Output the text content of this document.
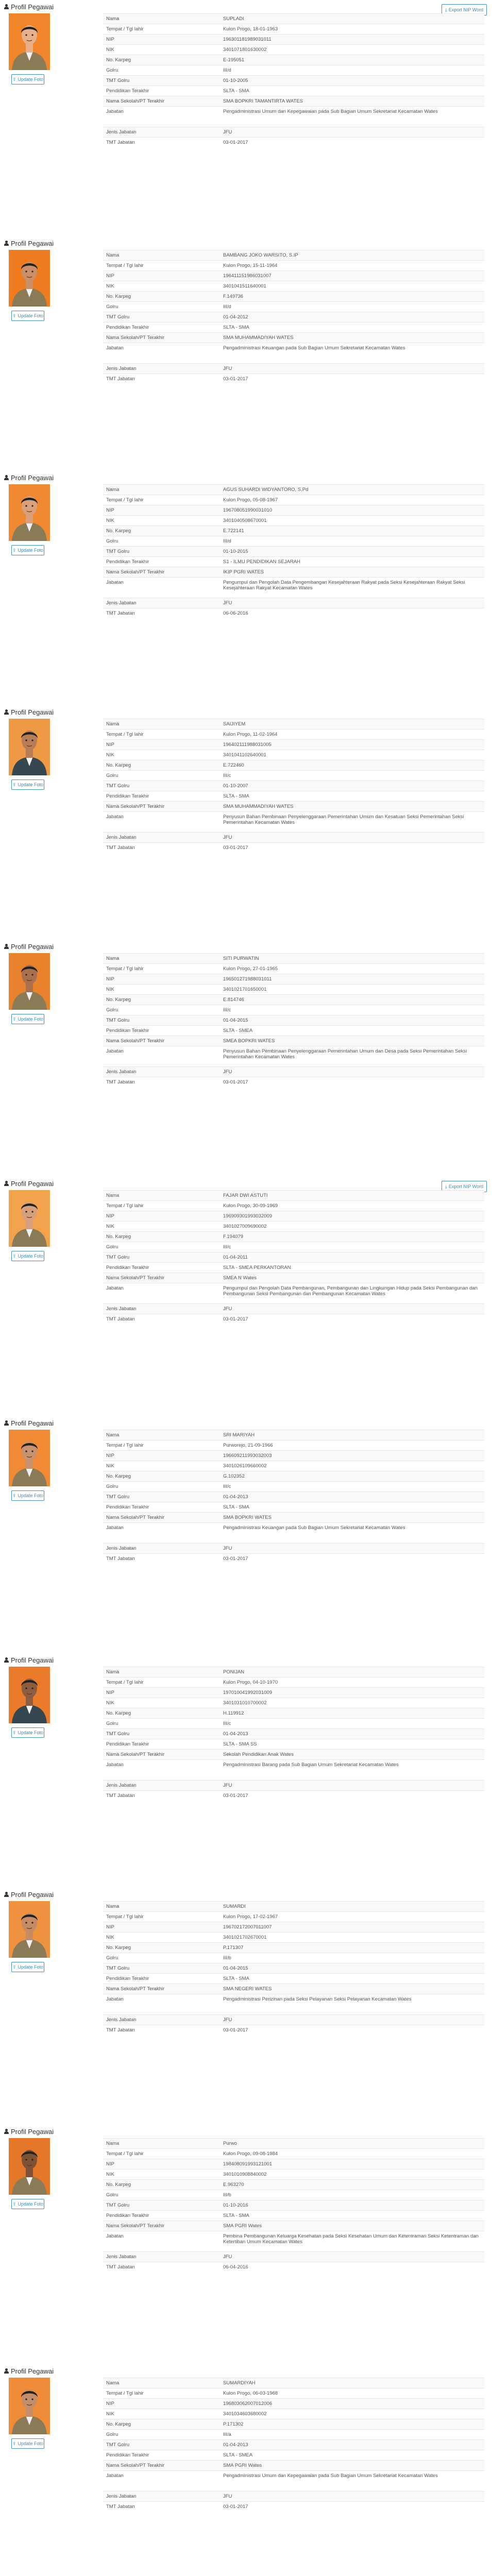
Profil Pegawai	⤓ Export NIP Word
⇪ Update Foto
Nama	SUPLADI
Tempat / Tgl lahir	Kulon Progo, 18-01-1963
NIP	196301181989031011
NIK	3401071801630002
No. Karpeg	E-195051
Golru	III/d
TMT Golru	01-10-2005
Pendidikan Terakhir	SLTA - SMA
Nama Sekolah/PT Terakhir	SMA BOPKRI TAMANTIRTA WATES
Jabatan	Pengadministrasi Umum dan Kepegawaian pada Sub Bagian Umum Sekretariat Kecamatan Wates
Jenis Jabatan	JFU
TMT Jabatan	03-01-2017
Profil Pegawai
⇪ Update Foto
Nama	BAMBANG JOKO WARSITO, S.IP
Tempat / Tgl lahir	Kulon Progo, 15-11-1964
NIP	196411151986031007
NIK	3401041511640001
No. Karpeg	F.149736
Golru	III/d
TMT Golru	01-04-2012
Pendidikan Terakhir	SLTA - SMA
Nama Sekolah/PT Terakhir	SMA MUHAMMADIYAH WATES
Jabatan	Pengadministrasi Keuangan pada Sub Bagian Umum Sekretariat Kecamatan Wates
Jenis Jabatan	JFU
TMT Jabatan	03-01-2017
Profil Pegawai
⇪ Update Foto
Nama	AGUS SUHARDI WIDYANTORO, S.Pd
Tempat / Tgl lahir	Kulon Progo, 05-08-1967
NIP	196708051990031010
NIK	3401040508670001
No. Karpeg	E.722141
Golru	III/d
TMT Golru	01-10-2015
Pendidikan Terakhir	S1 - ILMU PENDIDIKAN SEJARAH
Nama Sekolah/PT Terakhir	IKIP PGRI WATES
Jabatan	Pengumpul dan Pengolah Data Pengembangan Kesejahteraan Rakyat pada Seksi Kesejahteraan Rakyat Seksi Kesejahteraan Rakyat Kecamatan Wates
Jenis Jabatan	JFU
TMT Jabatan	06-06-2016
Profil Pegawai
⇪ Update Foto
Nama	SAIJIYEM
Tempat / Tgl lahir	Kulon Progo, 11-02-1964
NIP	196402111988031005
NIK	3401041102640001
No. Karpeg	E.722460
Golru	III/c
TMT Golru	01-10-2007
Pendidikan Terakhir	SLTA - SMA
Nama Sekolah/PT Terakhir	SMA MUHAMMADIYAH WATES
Jabatan	Penyusun Bahan Pembinaan Penyelenggaraan Pemerintahan Umum dan Kesatuan Seksi Pemerintahan Seksi Pemerintahan Kecamatan Wates
Jenis Jabatan	JFU
TMT Jabatan	03-01-2017
Profil Pegawai
⇪ Update Foto
Nama	SITI PURWATIN
Tempat / Tgl lahir	Kulon Progo, 27-01-1965
NIP	196501271988031011
NIK	3401021701650001
No. Karpeg	E.814746
Golru	III/c
TMT Golru	01-04-2015
Pendidikan Terakhir	SLTA - SMEA
Nama Sekolah/PT Terakhir	SMEA BOPKRI WATES
Jabatan	Penyusun Bahan Pembinaan Penyelenggaraan Pemerintahan Umum dan Desa pada Seksi Pemerintahan Seksi Pemerintahan Kecamatan Wates
Jenis Jabatan	JFU
TMT Jabatan	03-01-2017
Profil Pegawai	⤓ Export NIP Word
⇪ Update Foto
Nama	FAJAR DWI ASTUTI
Tempat / Tgl lahir	Kulon Progo, 30-09-1969
NIP	196909301993032009
NIK	3401027009690002
No. Karpeg	F.194079
Golru	III/c
TMT Golru	01-04-2011
Pendidikan Terakhir	SLTA - SMEA PERKANTORAN
Nama Sekolah/PT Terakhir	SMEA N Wates
Jabatan	Pengumpul dan Pengolah Data Pembangunan, Pembangunan dan Lingkungan Hidup pada Seksi Pembangunan dan Pembangunan Seksi Pembangunan dan Pembangunan Kecamatan Wates
Jenis Jabatan	JFU
TMT Jabatan	03-01-2017
Profil Pegawai
⇪ Update Foto
Nama	SRI MARIYAH
Tempat / Tgl lahir	Purworejo, 21-09-1966
NIP	196609211993032003
NIK	3401026109660002
No. Karpeg	G.102352
Golru	III/c
TMT Golru	01-04-2013
Pendidikan Terakhir	SLTA - SMA
Nama Sekolah/PT Terakhir	SMA BOPKRI WATES
Jabatan	Pengadministrasi Keuangan pada Sub Bagian Umum Sekretariat Kecamatan Wates
Jenis Jabatan	JFU
TMT Jabatan	03-01-2017
Profil Pegawai
⇪ Update Foto
Nama	PONIJAN
Tempat / Tgl lahir	Kulon Progo, 04-10-1970
NIP	197010041992031009
NIK	3401031010700002
No. Karpeg	H.119912
Golru	III/c
TMT Golru	01-04-2013
Pendidikan Terakhir	SLTA - SMA SS
Nama Sekolah/PT Terakhir	Sekolah Pendidikan Anak Wates
Jabatan	Pengadministrasi Barang pada Sub Bagian Umum Sekretariat Kecamatan Wates
Jenis Jabatan	JFU
TMT Jabatan	03-01-2017
Profil Pegawai
⇪ Update Foto
Nama	SUMARDI
Tempat / Tgl lahir	Kulon Progo, 17-02-1967
NIP	196702172007011007
NIK	3401021702670001
No. Karpeg	P.171307
Golru	III/b
TMT Golru	01-04-2015
Pendidikan Terakhir	SLTA - SMA
Nama Sekolah/PT Terakhir	SMA NEGERI WATES
Jabatan	Pengadministrasi Perizinan pada Seksi Pelayanan Seksi Pelayanan Kecamatan Wates
Jenis Jabatan	JFU
TMT Jabatan	03-01-2017
Profil Pegawai
⇪ Update Foto
Nama	Purwo
Tempat / Tgl lahir	Kulon Progo, 09-08-1984
NIP	198408091993121001
NIK	3401010908840002
No. Karpeg	E.963270
Golru	III/b
TMT Golru	01-10-2016
Pendidikan Terakhir	SLTA - SMA
Nama Sekolah/PT Terakhir	SMA PGRI Wates
Jabatan	Pembina Pembangunan Keluarga Kesehatan pada Seksi Kesehatan Umum dan Ketentraman Seksi Ketentraman dan Ketertiban Umum Kecamatan Wates
Jenis Jabatan	JFU
TMT Jabatan	06-04-2016
Profil Pegawai
⇪ Update Foto
Nama	SUMARDIYAH
Tempat / Tgl lahir	Kulon Progo, 06-03-1968
NIP	196803062007012006
NIK	3401034603680002
No. Karpeg	P.171302
Golru	III/a
TMT Golru	01-04-2013
Pendidikan Terakhir	SLTA - SMEA
Nama Sekolah/PT Terakhir	SMA PGRI Wates
Jabatan	Pengadministrasi Umum dan Kepegawaian pada Sub Bagian Umum Sekretariat Kecamatan Wates
Jenis Jabatan	JFU
TMT Jabatan	03-01-2017
